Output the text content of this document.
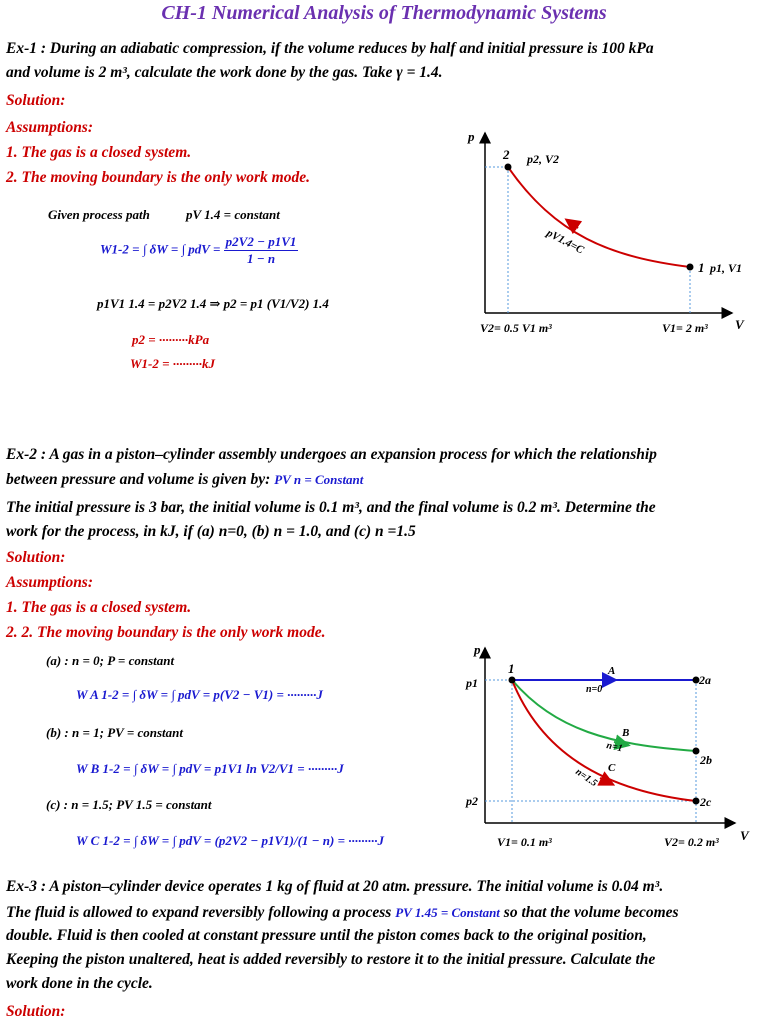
CH-1 Numerical Analysis of Thermodynamic Systems
Ex-1 : During an adiabatic compression, if the volume reduces by half and initial pressure is 100 kPa
and volume is 2 m³, calculate the work done by the gas. Take γ = 1.4.
Solution:
Assumptions:
1. The gas is a closed system.
2. The moving boundary is the only work mode.
Given process path	pV 1.4 = constant
W1-2 = ∫ δW = ∫ pdV = $\frac{p2V2 - p1V1}{1 - n}$
p1V1 1.4 = p2V2 1.4 ⇒ p2 = p1 (V1/V2) 1.4
p2 = ·········kPa
W1-2 = ·········kJ
p
V
2 p2, V2
1 p1, V1
pV1.4=C
V2= 0.5 V1 m³	V1= 2 m³
Ex-2 : A gas in a piston–cylinder assembly undergoes an expansion process for which the relationship
between pressure and volume is given by: PV n = Constant
The initial pressure is 3 bar, the initial volume is 0.1 m³, and the final volume is 0.2 m³. Determine the
work for the process, in kJ, if (a) n=0, (b) n = 1.0, and (c) n =1.5
Solution:
Assumptions:
1. The gas is a closed system.
2. 2. The moving boundary is the only work mode.
(a) : n = 0; P = constant
W A 1-2 = ∫ δW = ∫ pdV = p(V2 − V1) = ·········J
(b) : n = 1; PV = constant
W B 1-2 = ∫ δW = ∫ pdV = p1V1 ln V2/V1 = ·········J
(c) : n = 1.5; PV 1.5 = constant
W C 1-2 = ∫ δW = ∫ pdV = (p2V2 − p1V1)/(1 − n) = ·········J
p
V
p1
p2
1	A
n=0
B
n=1
C
n=1.5
2a
2b
2c
V1= 0.1 m³	V2= 0.2 m³
Ex-3 : A piston–cylinder device operates 1 kg of fluid at 20 atm. pressure. The initial volume is 0.04 m³.
The fluid is allowed to expand reversibly following a process PV 1.45 = Constant so that the volume becomes
double. Fluid is then cooled at constant pressure until the piston comes back to the original position,
Keeping the piston unaltered, heat is added reversibly to restore it to the initial pressure. Calculate the
work done in the cycle.
Solution:
